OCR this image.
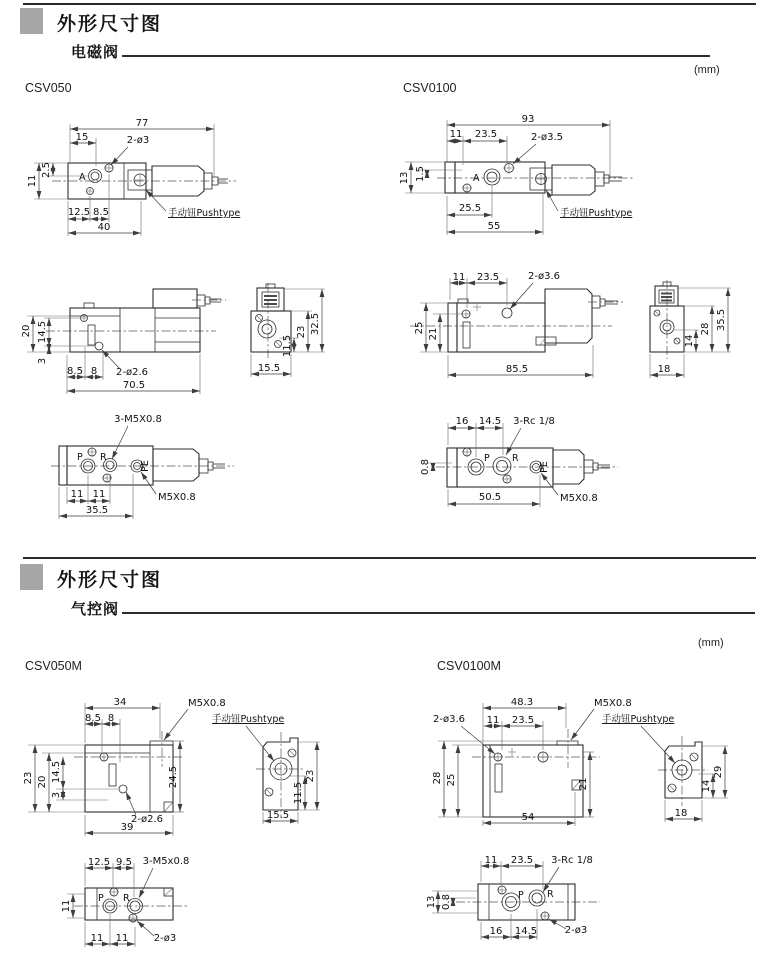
外形尺寸图
电磁阀
(mm)
CSV050	CSV0100
77
15	2-ø3
A
11
2.5
手动钮Pushtype
12.5 8.5
40
93
11 23.5	2-ø3.5
A
13 1.5
手动钮Pushtype
25.5
55
20 14.5
3
8.5 8 2-ø2.6
70.5
11.5
23 32.5
15.5
11 23.5	2-ø3.6
25 21
85.5
14
28 35.5
18
P R
PE
3-M5X0.8
11 11
35.5
M5X0.8
P R
PE
16 14.5 3-Rc 1/8
0.8
50.5	M5X0.8
外形尺寸图
气控阀
(mm)
CSV050M	CSV0100M
34
8.5 8
M5X0.8
23 20 14.5
3
24.5
2-ø2.6
39
手动钮Pushtype
11.5
23
15.5
48.3	M5X0.8
2-ø3.6 11 23.5
28 25	21
54
手动钮Pushtype
14
29
18
P R
12.5 9.5 3-M5x0.8
11
11 11	2-ø3
P R
11 23.5 3-Rc 1/8
13 0.8
16 14.5	2-ø3
